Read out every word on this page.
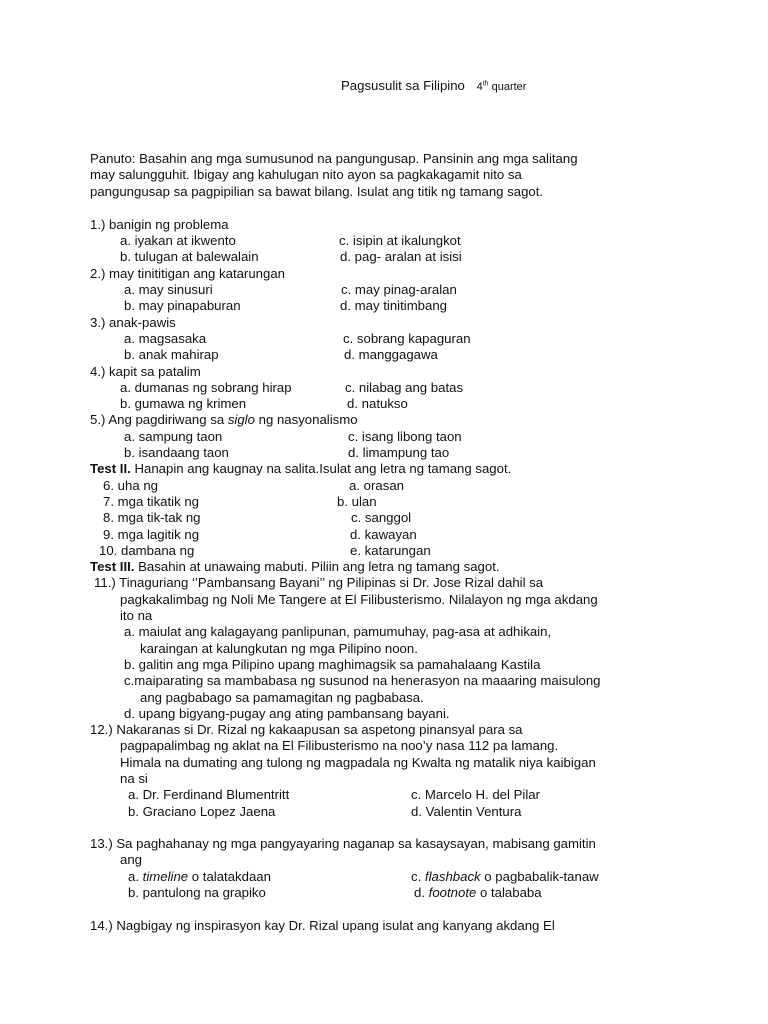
Pagsusulit sa Filipino 4th quarter
Panuto: Basahin ang mga sumusunod na pangungusap. Pansinin ang mga salitang
may salungguhit. Ibigay ang kahulugan nito ayon sa pagkakagamit nito sa
pangungusap sa pagpipilian sa bawat bilang. Isulat ang titik ng tamang sagot.
1.) banigin ng problema
a. iyakan at ikwento	c. isipin at ikalungkot
b. tulugan at balewalain	d. pag- aralan at isisi
2.) may tinititigan ang katarungan
a. may sinusuri	c. may pinag-aralan
b. may pinapaburan	d. may tinitimbang
3.) anak-pawis
a. magsasaka	c. sobrang kapaguran
b. anak mahirap	d. manggagawa
4.) kapit sa patalim
a. dumanas ng sobrang hirap	c. nilabag ang batas
b. gumawa ng krimen	d. natukso
5.) Ang pagdiriwang sa siglo ng nasyonalismo
a. sampung taon	c. isang libong taon
b. isandaang taon	d. limampung tao
Test II. Hanapin ang kaugnay na salita.Isulat ang letra ng tamang sagot.
6. uha ng	a. orasan
7. mga tikatik ng	b. ulan
8. mga tik-tak ng	c. sanggol
9. mga lagitik ng	d. kawayan
10. dambana ng	e. katarungan
Test III. Basahin at unawaing mabuti. Piliin ang letra ng tamang sagot.
11.) Tinaguriang ‘’Pambansang Bayani’’ ng Pilipinas si Dr. Jose Rizal dahil sa
pagkakalimbag ng Noli Me Tangere at El Filibusterismo. Nilalayon ng mga akdang
ito na
a. maiulat ang kalagayang panlipunan, pamumuhay, pag-asa at adhikain,
karaingan at kalungkutan ng mga Pilipino noon.
b. galitin ang mga Pilipino upang maghimagsik sa pamahalaang Kastila
c.maiparating sa mambabasa ng susunod na henerasyon na maaaring maisulong
ang pagbabago sa pamamagitan ng pagbabasa.
d. upang bigyang-pugay ang ating pambansang bayani.
12.) Nakaranas si Dr. Rizal ng kakaapusan sa aspetong pinansyal para sa
pagpapalimbag ng aklat na El Filibusterismo na noo’y nasa 112 pa lamang.
Himala na dumating ang tulong ng magpadala ng Kwalta ng matalik niya kaibigan
na si
a. Dr. Ferdinand Blumentritt	c. Marcelo H. del Pilar
b. Graciano Lopez Jaena	d. Valentin Ventura
13.) Sa paghahanay ng mga pangyayaring naganap sa kasaysayan, mabisang gamitin
ang
a. timeline o talatakdaan	c. flashback o pagbabalik-tanaw
b. pantulong na grapiko	d. footnote o talababa
14.) Nagbigay ng inspirasyon kay Dr. Rizal upang isulat ang kanyang akdang El
